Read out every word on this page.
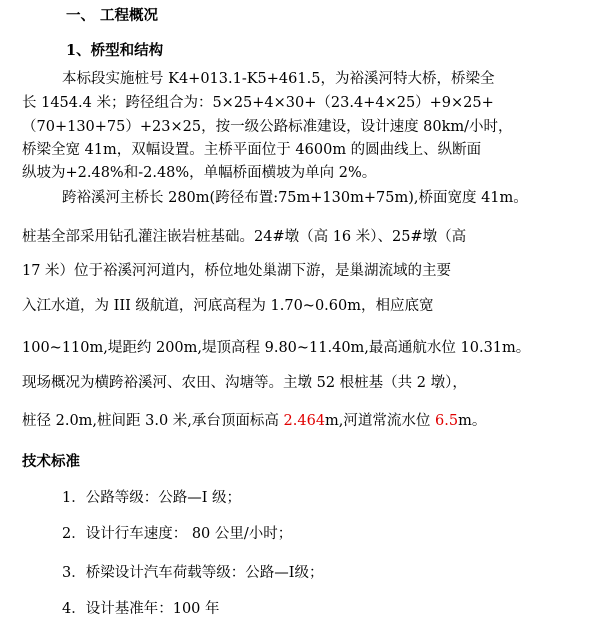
一、 工程概况
1、桥型和结构
本标段实施桩号 K4+013.1-K5+461.5，为裕溪河特大桥，桥梁全
长 1454.4 米；跨径组合为：5×25+4×30+（23.4+4×25）+9×25+
（70+130+75）+23×25，按一级公路标准建设，设计速度 80km/小时，
桥梁全宽 41m，双幅设置。主桥平面位于 4600m 的圆曲线上、纵断面
纵坡为+2.48%和-2.48%，单幅桥面横坡为单向 2%。
跨裕溪河主桥长 280m(跨径布置:75m+130m+75m),桥面宽度 41m。
桩基全部采用钻孔灌注嵌岩桩基础。24#墩（高 16 米）、25#墩（高
17 米）位于裕溪河河道内，桥位地处巢湖下游，是巢湖流域的主要
入江水道，为 III 级航道，河底高程为 1.70~0.60m，相应底宽
100~110m,堤距约 200m,堤顶高程 9.80~11.40m,最高通航水位 10.31m。
现场概况为横跨裕溪河、农田、沟塘等。主墩 52 根桩基（共 2 墩），
桩径 2.0m,桩间距 3.0 米,承台顶面标高 2.464m,河道常流水位 6.5m。
技术标准
1．公路等级：公路—I 级；
2．设计行车速度： 80 公里/小时；
3．桥梁设计汽车荷载等级：公路—Ⅰ级；
4．设计基准年：100 年
